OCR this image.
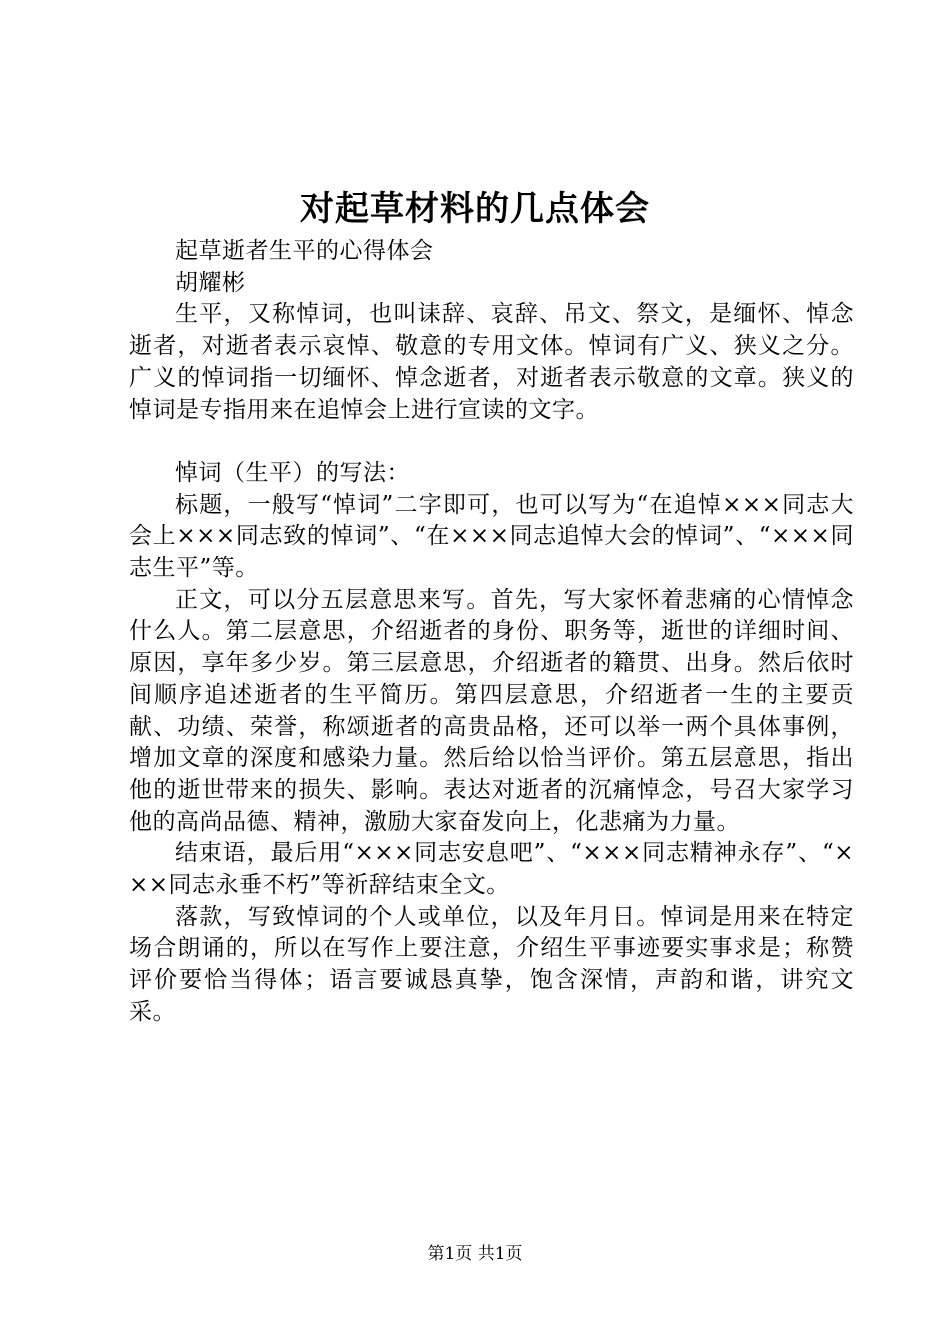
对起草材料的几点体会

起草逝者生平的心得体会

胡耀彬

生平，又称悼词，也叫诔辞、哀辞、吊文、祭文，是缅怀、悼念逝者，对逝者表示哀悼、敬意的专用文体。悼词有广义、狭义之分。广义的悼词指一切缅怀、悼念逝者，对逝者表示敬意的文章。狭义的悼词是专指用来在追悼会上进行宣读的文字。

悼词（生平）的写法：

标题，一般写“悼词”二字即可，也可以写为“在追悼×××同志大会上×××同志致的悼词”、“在×××同志追悼大会的悼词”、“×××同志生平”等。

正文，可以分五层意思来写。首先，写大家怀着悲痛的心情悼念什么人。第二层意思，介绍逝者的身份、职务等，逝世的详细时间、原因，享年多少岁。第三层意思，介绍逝者的籍贯、出身。然后依时间顺序追述逝者的生平简历。第四层意思，介绍逝者一生的主要贡献、功绩、荣誉，称颂逝者的高贵品格，还可以举一两个具体事例，增加文章的深度和感染力量。然后给以恰当评价。第五层意思，指出他的逝世带来的损失、影响。表达对逝者的沉痛悼念，号召大家学习他的高尚品德、精神，激励大家奋发向上，化悲痛为力量。

结束语，最后用“×××同志安息吧”、“×××同志精神永存”、“×××同志永垂不朽”等祈辞结束全文。

落款，写致悼词的个人或单位，以及年月日。悼词是用来在特定场合朗诵的，所以在写作上要注意，介绍生平事迹要实事求是；称赞评价要恰当得体；语言要诚恳真挚，饱含深情，声韵和谐，讲究文采。

第1页 共1页
